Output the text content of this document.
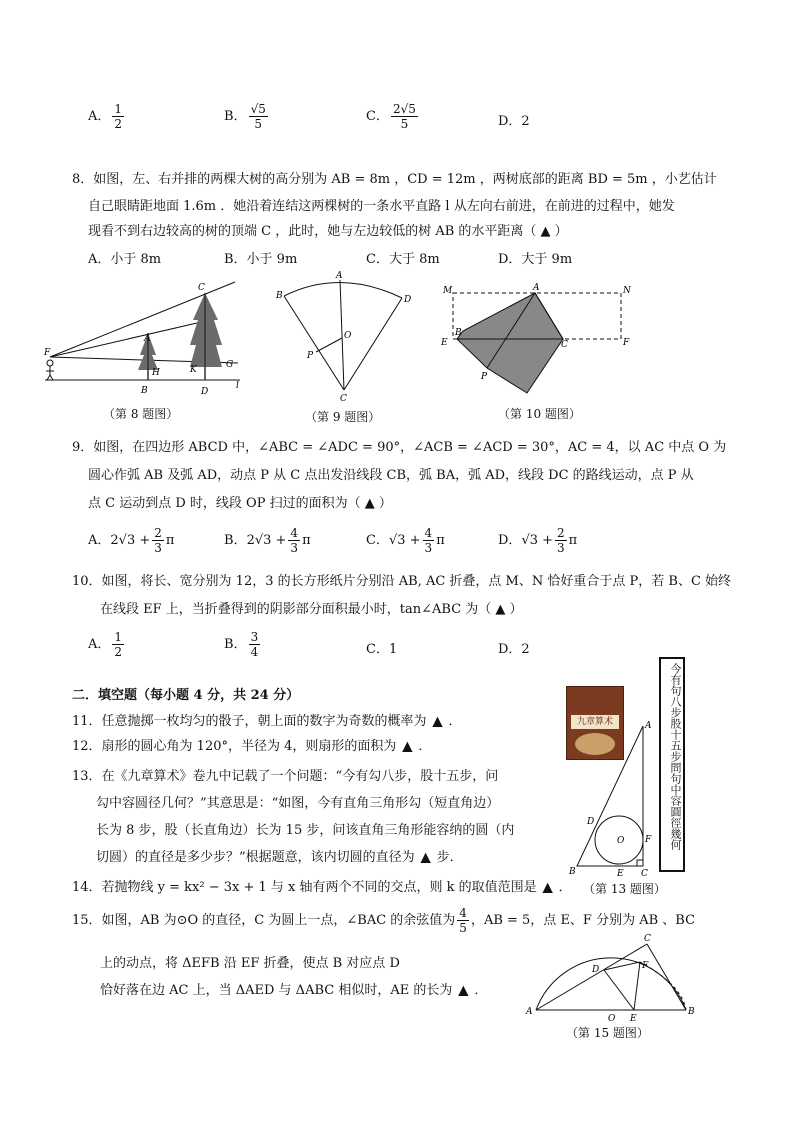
A． $\frac{1}{2}$	B． $\frac{√5}{5}$	C． $\frac{2√5}{5}$	D．2
8．如图，左、右并排的两棵大树的高分别为 AB = 8m ，CD = 12m ，两树底部的距离 BD = 5m ，小艺估计
自己眼睛距地面 1.6m ．她沿着连结这两棵树的一条水平直路 l 从左向右前进，在前进的过程中，她发
现看不到右边较高的树的顶端 C ，此时，她与左边较低的树 AB 的水平距离（ ▲ ）
A．小于 8m	B．小于 9m	C．大于 8m	D．大于 9m
F
C
A
H	K	G
B	D
l
（第 8 题图）
A
B	D
O
P
C
（第 9 题图）
M	A	N
B
E	C	F
P
（第 10 题图）
9．如图，在四边形 ABCD 中，∠ABC = ∠ADC = 90°，∠ACB = ∠ACD = 30°，AC = 4，以 AC 中点 O 为
圆心作弧 AB 及弧 AD，动点 P 从 C 点出发沿线段 CB，弧 BA，弧 AD，线段 DC 的路线运动，点 P 从
点 C 运动到点 D 时，线段 OP 扫过的面积为（ ▲ ）
A．$2√3 + \frac{2}{3}$ π	B．$2√3 + \frac{4}{3}$ π	C．$√3 + \frac{4}{3}$ π	D．$√3 + \frac{2}{3}$ π
10．如图，将长、宽分别为 12，3 的长方形纸片分别沿 AB, AC 折叠，点 M、N 恰好重合于点 P，若 B、C 始终
在线段 EF 上，当折叠得到的阴影部分面积最小时，tan∠ABC 为（ ▲ ）
A． $\frac{1}{2}$	B． $\frac{3}{4}$	C．1	D．2
二．填空题（每小题 4 分，共 24 分）
11．任意抛掷一枚均匀的骰子，朝上面的数字为奇数的概率为 ▲ ．
12．扇形的圆心角为 120°，半径为 4，则扇形的面积为 ▲ ．
13．在《九章算术》卷九中记载了一个问题：“今有勾八步，股十五步，问
勾中容圆径几何？”其意思是：“如图，今有直角三角形勾（短直角边）
长为 8 步，股（长直角边）长为 15 步，问该直角三角形能容纳的圆（内
切圆）的直径是多少步？”根据题意，该内切圆的直径为 ▲ 步．
九章算术	今有句八步股十五步問句中容圓徑幾何
A
B	C
D
O F
E
（第 13 题图）
14．若抛物线 y = kx² − 3x + 1 与 x 轴有两个不同的交点，则 k 的取值范围是 ▲ ．
15．如图，AB 为⊙O 的直径，C 为圆上一点，∠BAC 的余弦值为 $\frac{4}{5}$ ，AB = 5，点 E、F 分别为 AB 、BC
上的动点，将 ΔEFB 沿 EF 折叠，使点 B 对应点 D
恰好落在边 AC 上，当 ΔAED 与 ΔABC 相似时，AE 的长为 ▲ ．
A	B
C
D	F
E
O
（第 15 题图）
